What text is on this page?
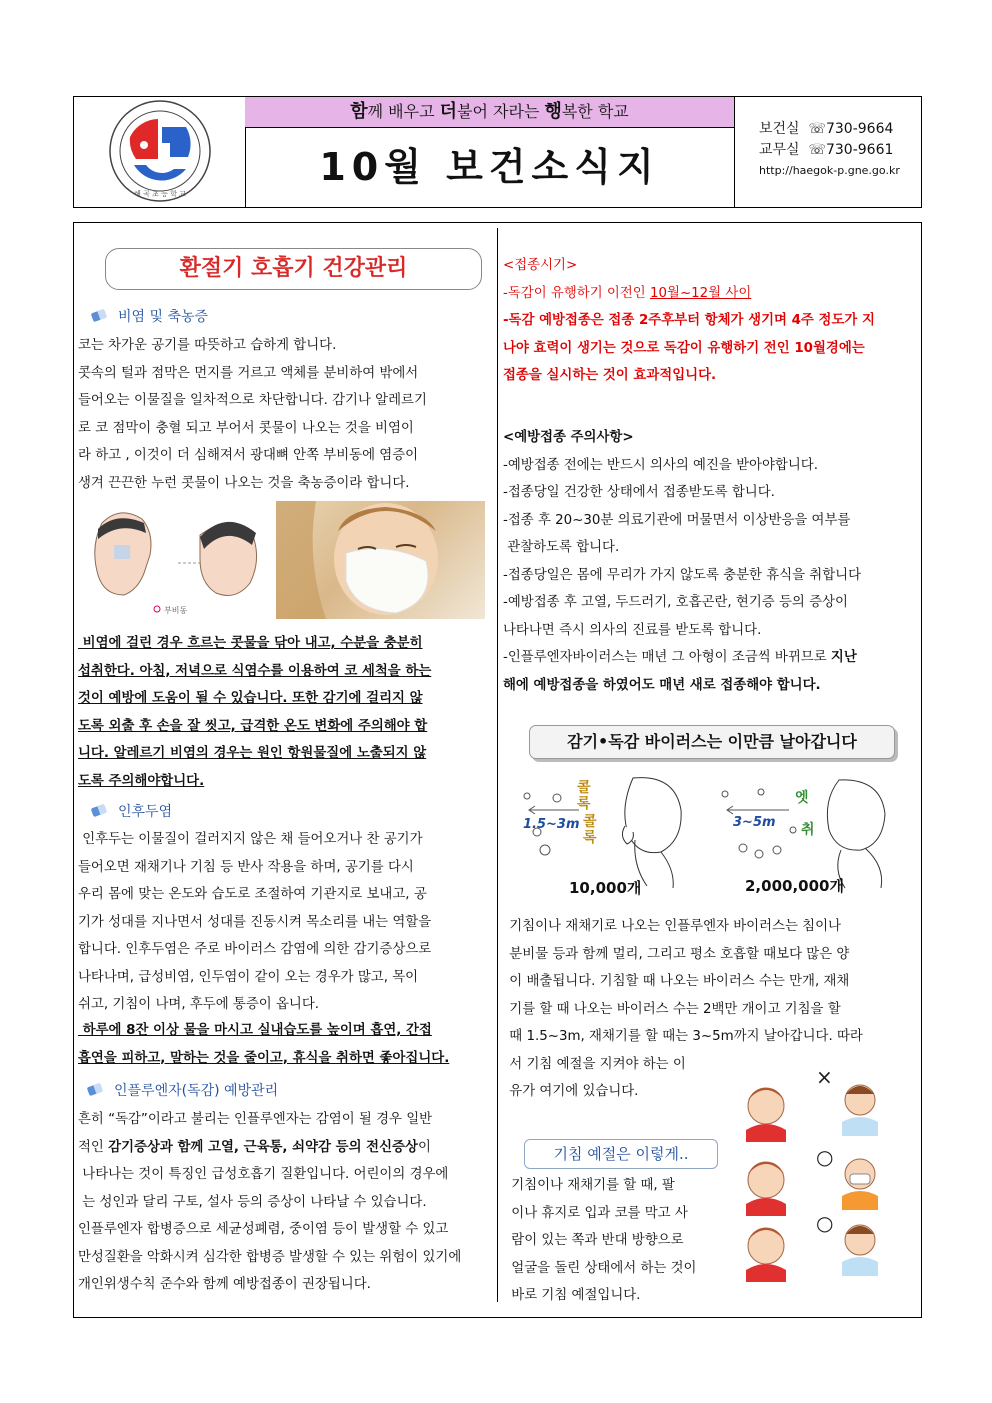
해 곡 초 등 학 교
함께 배우고 더불어 자라는 행복한 학교
10월 보건소식지
보건실 ☏730-9664
교무실 ☏730-9661
http://haegok-p.gne.go.kr
환절기 호흡기 건강관리
비염 및 축농증
코는 차가운 공기를 따뜻하고 습하게 합니다.
콧속의 털과 점막은 먼지를 거르고 액체를 분비하여 밖에서
들어오는 이물질을 일차적으로 차단합니다. 감기나 알레르기
로 코 점막이 충혈 되고 부어서 콧물이 나오는 것을 비염이
라 하고 , 이것이 더 심해져서 광대뼈 안쪽 부비동에 염증이
생겨 끈끈한 누런 콧물이 나오는 것을 축농증이라 합니다.
부비동
비염에 걸린 경우 흐르는 콧물을 닦아 내고, 수분을 충분히
섭취한다. 아침, 저녁으로 식염수를 이용하여 코 세척을 하는
것이 예방에 도움이 될 수 있습니다. 또한 감기에 걸리지 않
도록 외출 후 손을 잘 씻고, 급격한 온도 변화에 주의해야 합
니다. 알레르기 비염의 경우는 원인 항원물질에 노출되지 않
도록 주의해야합니다.
인후두염
인후두는 이물질이 걸러지지 않은 채 들어오거나 찬 공기가
들어오면 재채기나 기침 등 반사 작용을 하며, 공기를 다시
우리 몸에 맞는 온도와 습도로 조절하여 기관지로 보내고, 공
기가 성대를 지나면서 성대를 진동시켜 목소리를 내는 역할을
합니다. 인후두염은 주로 바이러스 감염에 의한 감기증상으로
나타나며, 급성비염, 인두염이 같이 오는 경우가 많고, 목이
쉬고, 기침이 나며, 후두에 통증이 옵니다.
하루에 8잔 이상 물을 마시고 실내습도를 높이며 흡연, 간접
흡연을 피하고, 말하는 것을 줄이고, 휴식을 취하면 좋아집니다.
인플루엔자(독감) 예방관리
흔히 “독감”이라고 불리는 인플루엔자는 감염이 될 경우 일반
적인 감기증상과 함께 고열, 근육통, 쇠약감 등의 전신증상이
나타나는 것이 특징인 급성호흡기 질환입니다. 어린이의 경우에
는 성인과 달리 구토, 설사 등의 증상이 나타날 수 있습니다.
인플루엔자 합병증으로 세균성폐렴, 중이염 등이 발생할 수 있고
만성질환을 악화시켜 심각한 합병증 발생할 수 있는 위험이 있기에
개인위생수칙 준수와 함께 예방접종이 권장됩니다.
<접종시기>
-독감이 유행하기 이전인 10월~12월 사이
-독감 예방접종은 접종 2주후부터 항체가 생기며 4주 정도가 지
나야 효력이 생기는 것으로 독감이 유행하기 전인 10월경에는
접종을 실시하는 것이 효과적입니다.
<예방접종 주의사항>
-예방접종 전에는 반드시 의사의 예진을 받아야합니다.
-접종당일 건강한 상태에서 접종받도록 합니다.
-접종 후 20~30분 의료기관에 머물면서 이상반응을 여부를
관찰하도록 합니다.
-접종당일은 몸에 무리가 가지 않도록 충분한 휴식을 취합니다
-예방접종 후 고열, 두드러기, 호흡곤란, 현기증 등의 증상이
나타나면 즉시 의사의 진료를 받도록 합니다.
-인플루엔자바이러스는 매년 그 아형이 조금씩 바뀌므로 지난
해에 예방접종을 하였어도 매년 새로 접종해야 합니다.
감기•독감 바이러스는 이만큼 날아갑니다
1.5~3m
콜 록 콜 록
10,000개
3~5m
엣 취
2,000,000개
기침이나 재채기로 나오는 인플루엔자 바이러스는 침이나
분비물 등과 함께 멀리, 그리고 평소 호흡할 때보다 많은 양
이 배출됩니다. 기침할 때 나오는 바이러스 수는 만개, 재채
기를 할 때 나오는 바이러스 수는 2백만 개이고 기침을 할
때 1.5~3m, 재채기를 할 때는 3~5m까지 날아갑니다. 따라
서 기침 예절을 지켜야 하는 이
유가 여기에 있습니다.
×
○
○
기침 예절은 이렇게..
기침이나 재채기를 할 때, 팔
이나 휴지로 입과 코를 막고 사
람이 있는 쪽과 반대 방향으로
얼굴을 돌린 상태에서 하는 것이
바로 기침 예절입니다.
